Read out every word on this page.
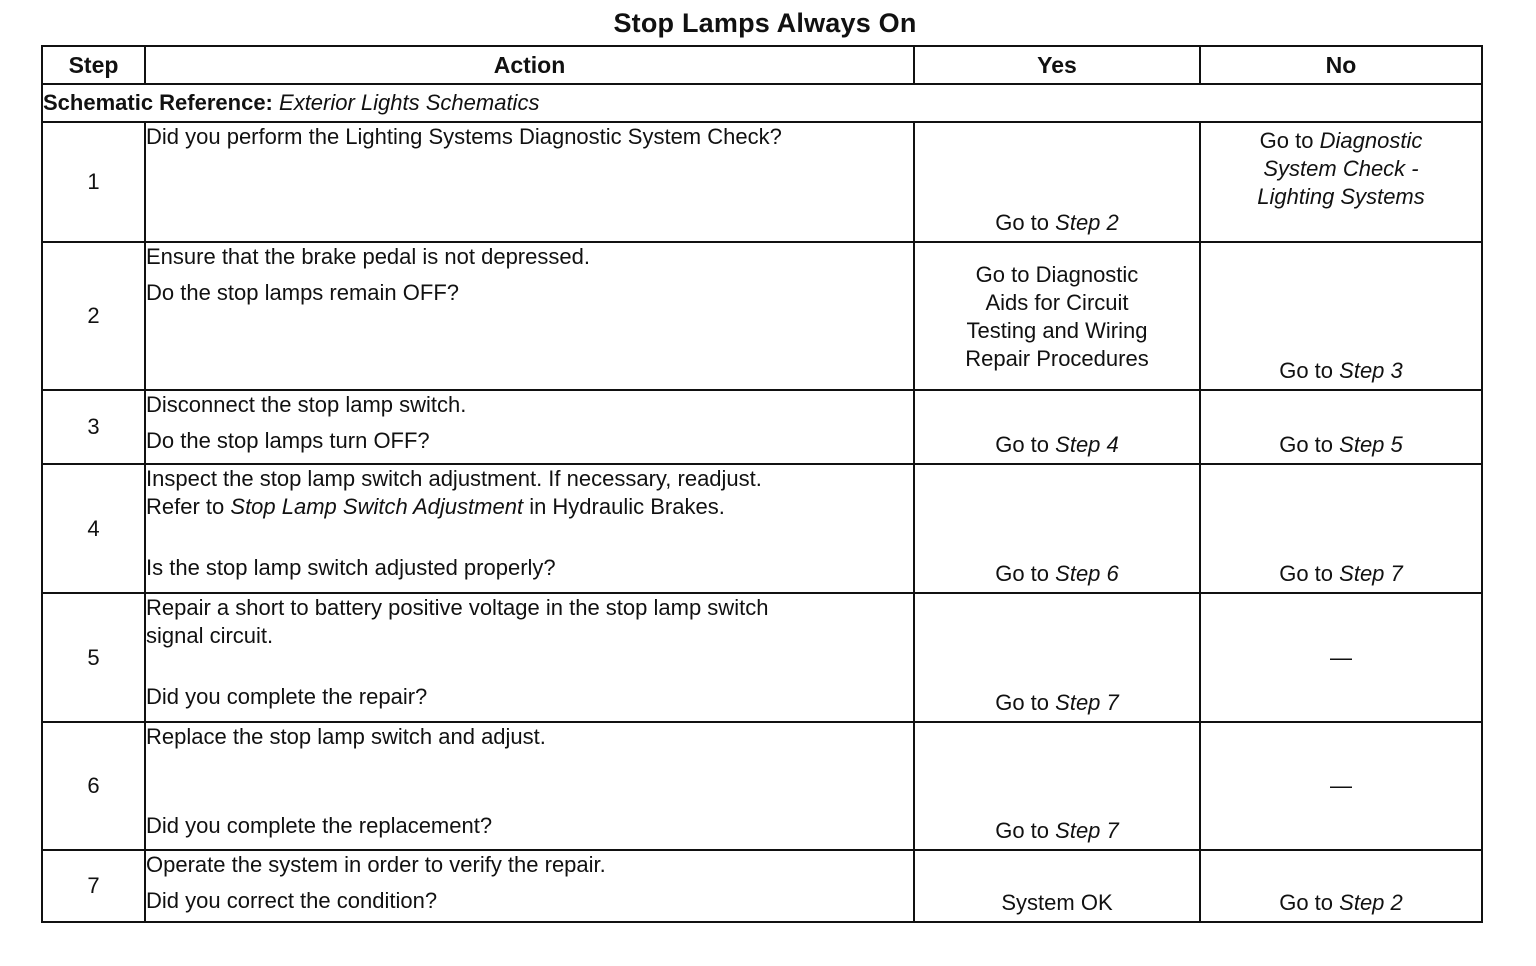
Stop Lamps Always On
Step	Action	Yes	No
Schematic Reference: Exterior Lights Schematics			
1	Did you perform the Lighting Systems Diagnostic System Check?	Go to Step 2	Go to Diagnostic
System Check -
Lighting Systems

2	Ensure that the brake pedal is not depressed.
Do the stop lamps remain OFF?	Go to Diagnostic
Aids for Circuit
Testing and Wiring
Repair Procedures	Go to Step 3

3	Disconnect the stop lamp switch.
Do the stop lamps turn OFF?	Go to Step 4	Go to Step 5

4	Inspect the stop lamp switch adjustment. If necessary, readjust.
Refer to Stop Lamp Switch Adjustment in Hydraulic Brakes.
Is the stop lamp switch adjusted properly?	Go to Step 6	Go to Step 7

5	Repair a short to battery positive voltage in the stop lamp switch
signal circuit.
Did you complete the repair?	Go to Step 7	—

6	Replace the stop lamp switch and adjust.
Did you complete the replacement?	Go to Step 7	—

7	Operate the system in order to verify the repair.
Did you correct the condition?	System OK	Go to Step 2
